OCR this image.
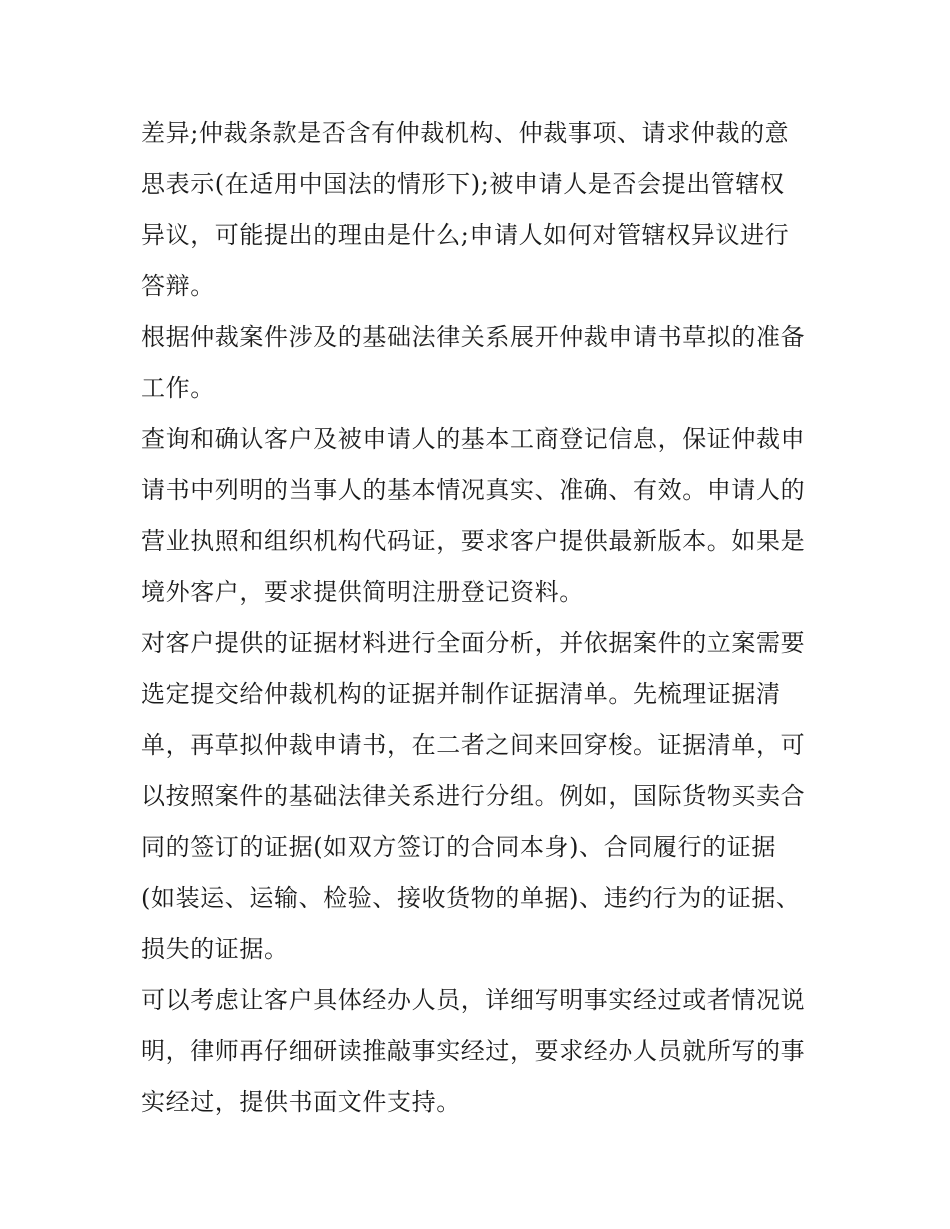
差异;仲裁条款是否含有仲裁机构、仲裁事项、请求仲裁的意
思表示(在适用中国法的情形下);被申请人是否会提出管辖权
异议，可能提出的理由是什么;申请人如何对管辖权异议进行
答辩。
根据仲裁案件涉及的基础法律关系展开仲裁申请书草拟的准备
工作。
查询和确认客户及被申请人的基本工商登记信息，保证仲裁申
请书中列明的当事人的基本情况真实、准确、有效。申请人的
营业执照和组织机构代码证，要求客户提供最新版本。如果是
境外客户，要求提供简明注册登记资料。
对客户提供的证据材料进行全面分析，并依据案件的立案需要
选定提交给仲裁机构的证据并制作证据清单。先梳理证据清
单，再草拟仲裁申请书，在二者之间来回穿梭。证据清单，可
以按照案件的基础法律关系进行分组。例如，国际货物买卖合
同的签订的证据(如双方签订的合同本身)、合同履行的证据
(如装运、运输、检验、接收货物的单据)、违约行为的证据、
损失的证据。
可以考虑让客户具体经办人员，详细写明事实经过或者情况说
明，律师再仔细研读推敲事实经过，要求经办人员就所写的事
实经过，提供书面文件支持。
